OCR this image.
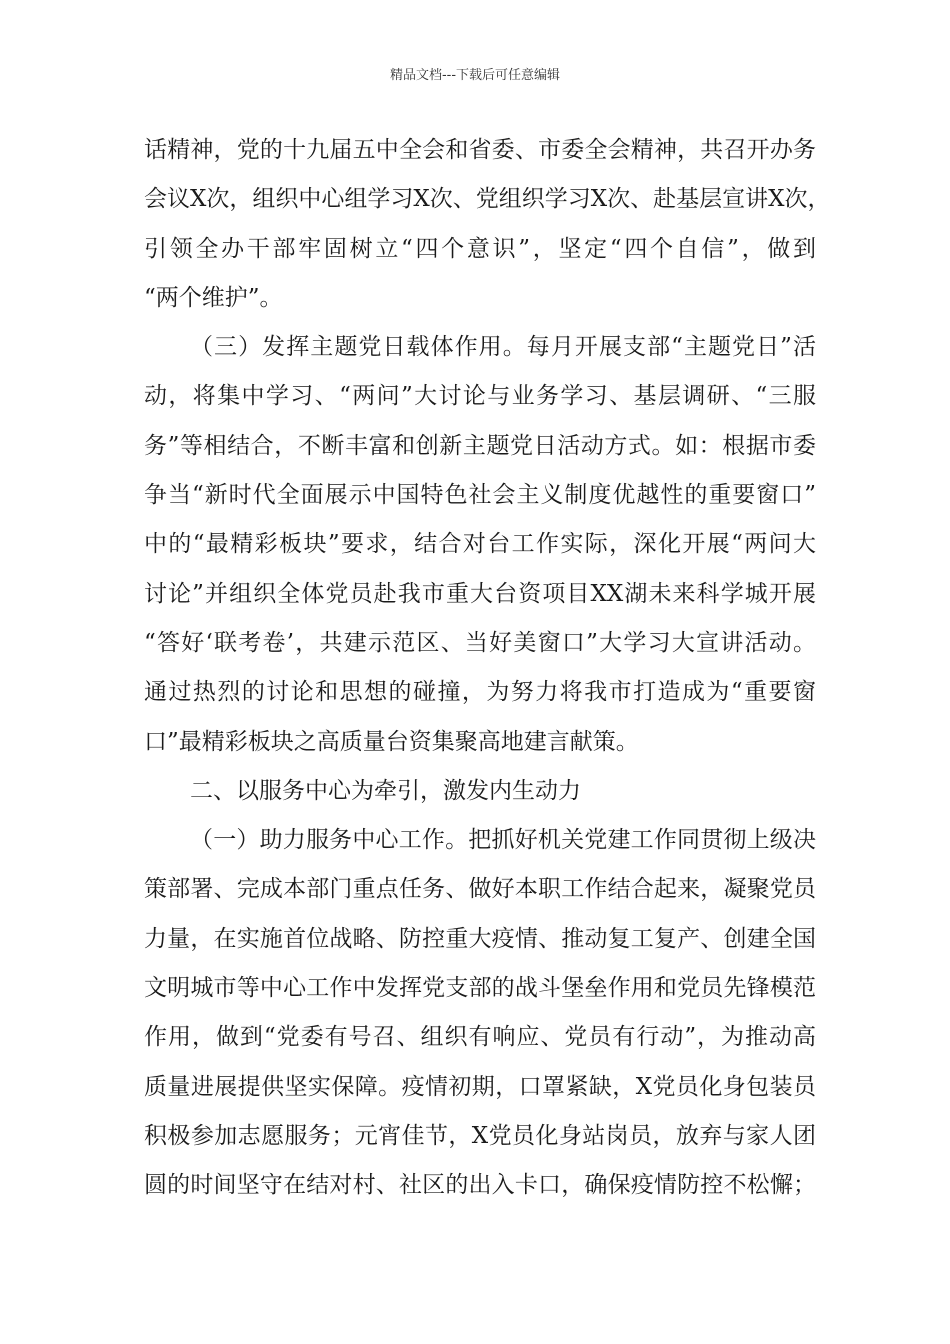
精品文档---下载后可任意编辑
话精神，党的十九届五中全会和省委、市委全会精神，共召开办务
会议X次，组织中心组学习X次、党组织学习X次、赴基层宣讲X次，
引领全办干部牢固树立“四个意识”，坚定“四个自信”，做到
“两个维护”。
（三）发挥主题党日载体作用。每月开展支部“主题党日”活
动，将集中学习、“两问”大讨论与业务学习、基层调研、“三服
务”等相结合，不断丰富和创新主题党日活动方式。如：根据市委
争当“新时代全面展示中国特色社会主义制度优越性的重要窗口”
中的“最精彩板块”要求，结合对台工作实际，深化开展“两问大
讨论”并组织全体党员赴我市重大台资项目XX湖未来科学城开展
“答好‘联考卷’，共建示范区、当好美窗口”大学习大宣讲活动。
通过热烈的讨论和思想的碰撞，为努力将我市打造成为“重要窗
口”最精彩板块之高质量台资集聚高地建言献策。
二、以服务中心为牵引，激发内生动力
（一）助力服务中心工作。把抓好机关党建工作同贯彻上级决
策部署、完成本部门重点任务、做好本职工作结合起来，凝聚党员
力量，在实施首位战略、防控重大疫情、推动复工复产、创建全国
文明城市等中心工作中发挥党支部的战斗堡垒作用和党员先锋模范
作用，做到“党委有号召、组织有响应、党员有行动”，为推动高
质量进展提供坚实保障。疫情初期，口罩紧缺，X党员化身包装员
积极参加志愿服务；元宵佳节，X党员化身站岗员，放弃与家人团
圆的时间坚守在结对村、社区的出入卡口，确保疫情防控不松懈；
